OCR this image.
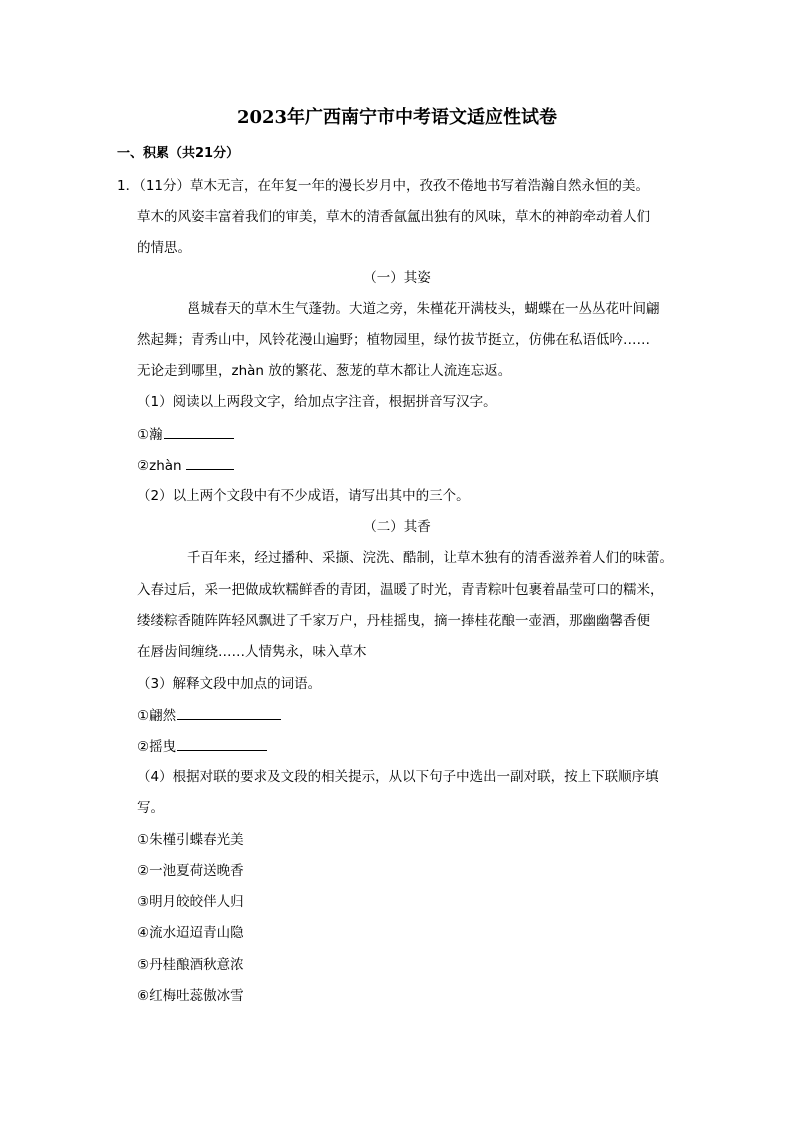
2023年广西南宁市中考语文适应性试卷
一、积累（共21分）
1．（11分）草木无言，在年复一年的漫长岁月中，孜孜不倦地书写着浩瀚自然永恒的美。
草木的风姿丰富着我们的审美，草木的清香氤氲出独有的风味，草木的神韵牵动着人们
的情思。
（一）其姿
邕城春天的草木生气蓬勃。大道之旁，朱槿花开满枝头，蝴蝶在一丛丛花叶间翩
然起舞；青秀山中，风铃花漫山遍野；植物园里，绿竹拔节挺立，仿佛在私语低吟……
无论走到哪里，zhàn 放的繁花、葱茏的草木都让人流连忘返。
（1）阅读以上两段文字，给加点字注音，根据拼音写汉字。
①瀚
②zhàn
（2）以上两个文段中有不少成语，请写出其中的三个。
（二）其香
千百年来，经过播种、采撷、浣洗、酷制，让草木独有的清香滋养着人们的味蕾。
入春过后，采一把做成软糯鲜香的青团，温暖了时光，青青粽叶包裹着晶莹可口的糯米，
缕缕粽香随阵阵轻风飘进了千家万户，丹桂摇曳，摘一捧桂花酿一壶酒，那幽幽馨香便
在唇齿间缠绕……人情隽永，味入草木
（3）解释文段中加点的词语。
①翩然
②摇曳
（4）根据对联的要求及文段的相关提示，从以下句子中选出一副对联，按上下联顺序填
写。
①朱槿引蝶春光美
②一池夏荷送晚香
③明月皎皎伴人归
④流水迢迢青山隐
⑤丹桂酿酒秋意浓
⑥红梅吐蕊傲冰雪
